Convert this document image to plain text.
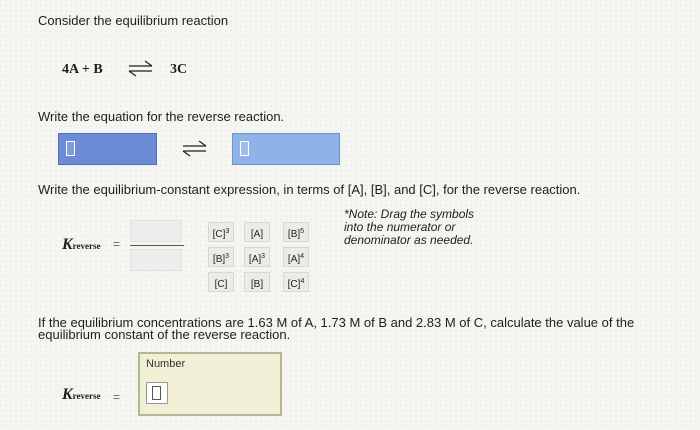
Consider the equilibrium reaction
4A + B ⇌ 3C
Write the equation for the reverse reaction.
Write the equilibrium-constant expression, in terms of [A], [B], and [C], for the reverse reaction.
Kreverse =
$[C]^3$	[A]	$[B]^5$
$[B]^3$	$[A]^3$	$[A]^4$
[C]	[B]	$[C]^4$
*Note: Drag the symbols
into the numerator or
denominator as needed.
If the equilibrium concentrations are 1.63 M of A, 1.73 M of B and 2.83 M of C, calculate the value of the
equilibrium constant of the reverse reaction.
Number
Kreverse =
